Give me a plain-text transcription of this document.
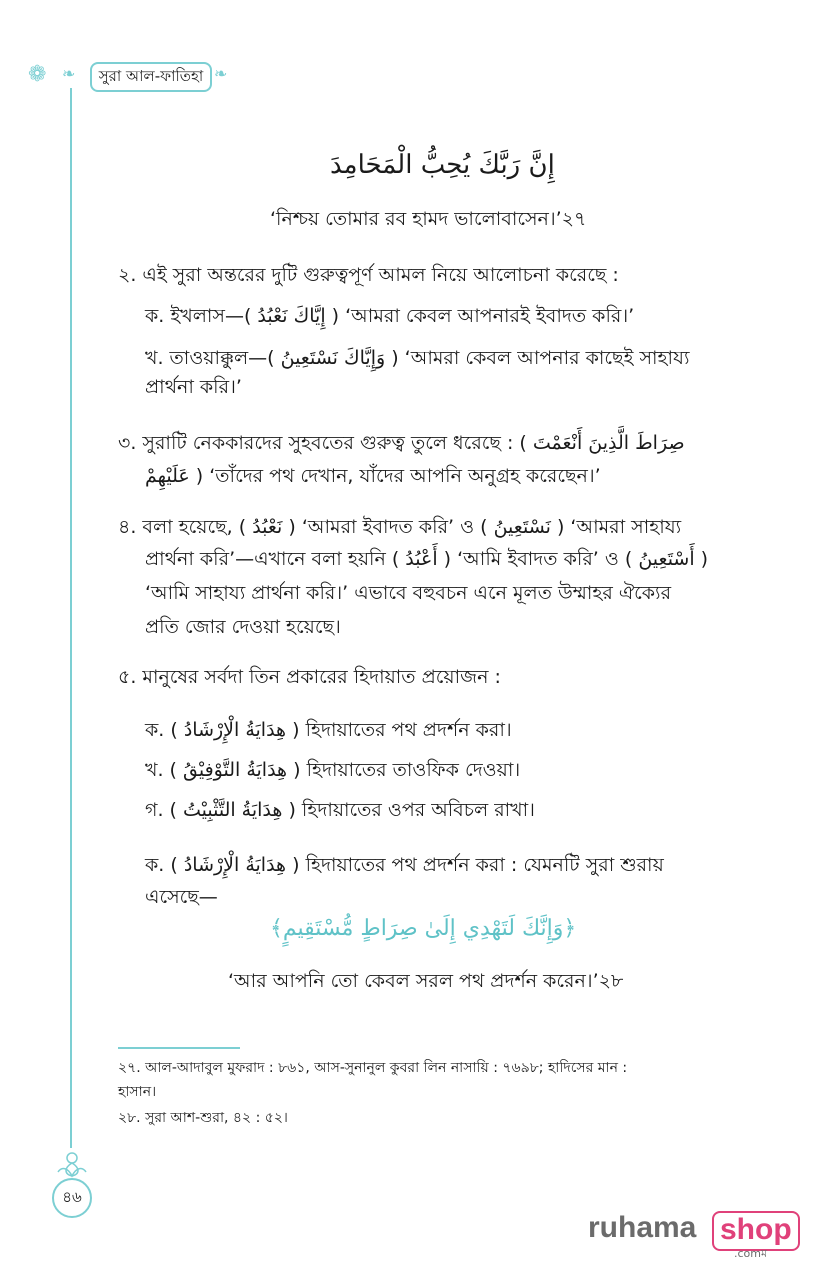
❁ ❧ সুরা আল-ফাতিহা ❧
إِنَّ رَبَّكَ يُحِبُّ الْمَحَامِدَ
‘নিশ্চয় তোমার রব হামদ ভালোবাসেন।’২৭
২. এই সুরা অন্তরের দুটি গুরুত্বপূর্ণ আমল নিয়ে আলোচনা করেছে :
ক. ইখলাস—( إِيَّاكَ نَعْبُدُ ) ‘আমরা কেবল আপনারই ইবাদত করি।’
খ. তাওয়াক্কুল—( وَإِيَّاكَ نَسْتَعِينُ ) ‘আমরা কেবল আপনার কাছেই সাহায্য
প্রার্থনা করি।’
৩. সুরাটি নেককারদের সুহবতের গুরুত্ব তুলে ধরেছে : ( صِرَاطَ الَّذِينَ أَنْعَمْتَ
عَلَيْهِمْ ) ‘তাঁদের পথ দেখান, যাঁদের আপনি অনুগ্রহ করেছেন।’
৪. বলা হয়েছে, ( نَعْبُدُ ) ‘আমরা ইবাদত করি’ ও ( نَسْتَعِينُ ) ‘আমরা সাহায্য
প্রার্থনা করি’—এখানে বলা হয়নি ( أَعْبُدُ ) ‘আমি ইবাদত করি’ ও ( أَسْتَعِينُ )
‘আমি সাহায্য প্রার্থনা করি।’ এভাবে বহুবচন এনে মূলত উম্মাহর ঐক্যের
প্রতি জোর দেওয়া হয়েছে।
৫. মানুষের সর্বদা তিন প্রকারের হিদায়াত প্রয়োজন :
ক. ( هِدَايَةُ الْإِرْشَادُ ) হিদায়াতের পথ প্রদর্শন করা।
খ. ( هِدَايَةُ التَّوْفِيْقُ ) হিদায়াতের তাওফিক দেওয়া।
গ. ( هِدَايَةُ التَّثْبِيْتُ ) হিদায়াতের ওপর অবিচল রাখা।
ক. ( هِدَايَةُ الْإِرْشَادُ ) হিদায়াতের পথ প্রদর্শন করা : যেমনটি সুরা শুরায়
এসেছে—
﴿وَإِنَّكَ لَتَهْدِي إِلَىٰ صِرَاطٍ مُّسْتَقِيمٍ﴾
‘আর আপনি তো কেবল সরল পথ প্রদর্শন করেন।’২৮
২৭. আল-আদাবুল মুফরাদ : ৮৬১, আস-সুনানুল কুবরা লিন নাসায়ি : ৭৬৯৮; হাদিসের মান :
হাসান।
২৮. সুরা আশ-শুরা, ৪২ : ৫২।
৪৬
ruhama shop
.comম
